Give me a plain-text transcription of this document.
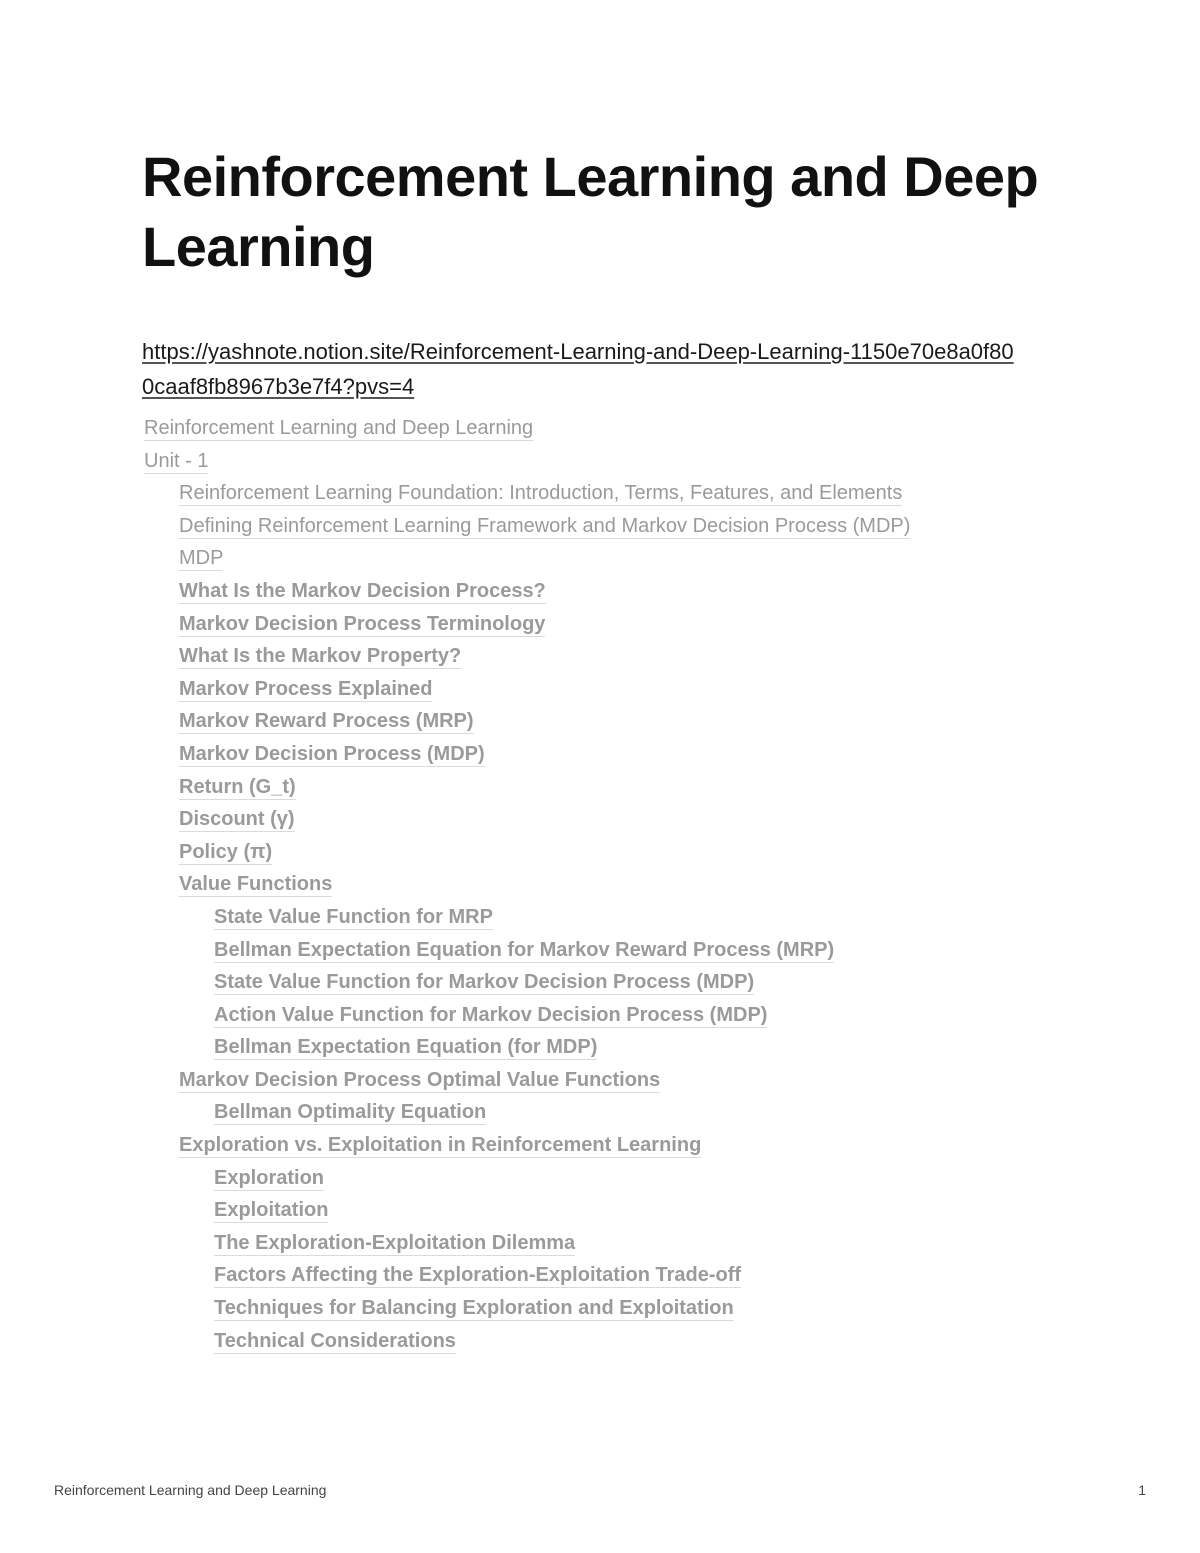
Reinforcement Learning and Deep Learning
https://yashnote.notion.site/Reinforcement-Learning-and-Deep-Learning-1150e70e8a0f800caaf8fb8967b3e7f4?pvs=4
Reinforcement Learning and Deep Learning
Unit - 1
Reinforcement Learning Foundation: Introduction, Terms, Features, and Elements
Defining Reinforcement Learning Framework and Markov Decision Process (MDP)
MDP
What Is the Markov Decision Process?
Markov Decision Process Terminology
What Is the Markov Property?
Markov Process Explained
Markov Reward Process (MRP)
Markov Decision Process (MDP)
Return (G_t)
Discount (γ)
Policy (π)
Value Functions
State Value Function for MRP
Bellman Expectation Equation for Markov Reward Process (MRP)
State Value Function for Markov Decision Process (MDP)
Action Value Function for Markov Decision Process (MDP)
Bellman Expectation Equation (for MDP)
Markov Decision Process Optimal Value Functions
Bellman Optimality Equation
Exploration vs. Exploitation in Reinforcement Learning
Exploration
Exploitation
The Exploration-Exploitation Dilemma
Factors Affecting the Exploration-Exploitation Trade-off
Techniques for Balancing Exploration and Exploitation
Technical Considerations
Reinforcement Learning and Deep Learning	1
